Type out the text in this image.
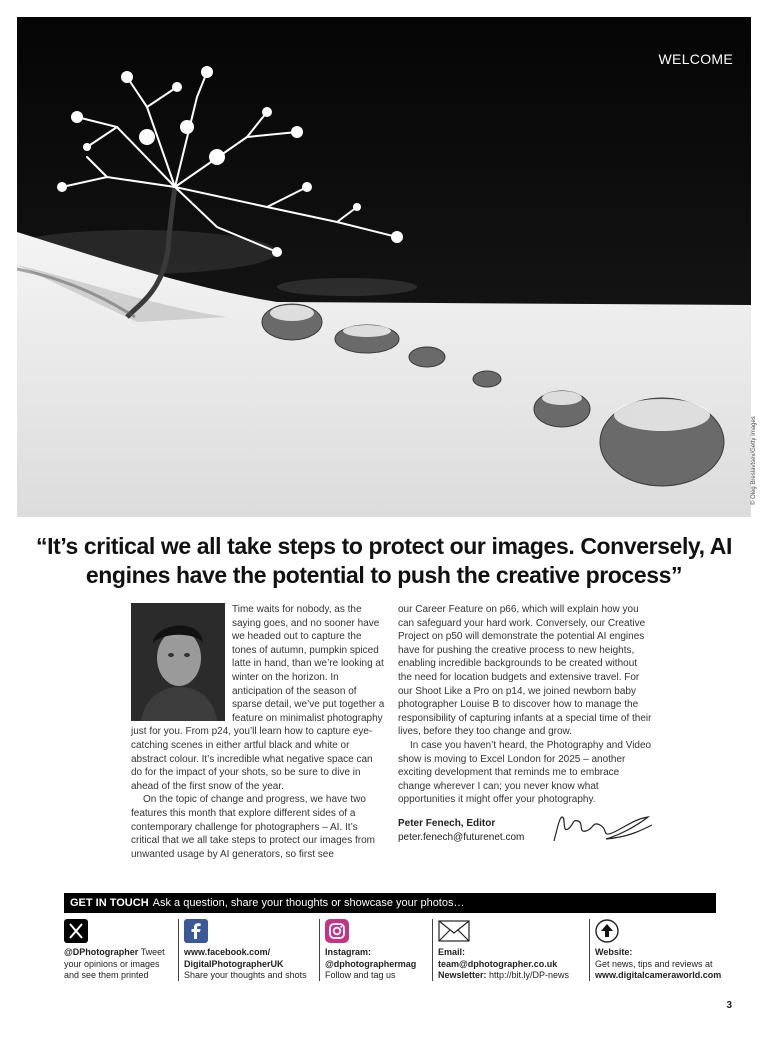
WELCOME
© Oleg Breslavtsev/Getty Images
“It’s critical we all take steps to protect our images. Conversely, AI engines have the potential to push the creative process”

Time waits for nobody, as the saying goes, and no sooner have we headed out to capture the tones of autumn, pumpkin spiced latte in hand, than we’re looking at winter on the horizon. In anticipation of the season of sparse detail, we’ve put together a feature on minimalist photography just for you. From p24, you’ll learn how to capture eye-catching scenes in either artful black and white or abstract colour. It’s incredible what negative space can do for the impact of your shots, so be sure to dive in ahead of the first snow of the year.

On the topic of change and progress, we have two features this month that explore different sides of a contemporary challenge for photographers – AI. It’s critical that we all take steps to protect our images from unwanted usage by AI generators, so first see

our Career Feature on p66, which will explain how you can safeguard your hard work. Conversely, our Creative Project on p50 will demonstrate the potential AI engines have for pushing the creative process to new heights, enabling incredible backgrounds to be created without the need for location budgets and extensive travel. For our Shoot Like a Pro on p14, we joined newborn baby photographer Louise B to discover how to manage the responsibility of capturing infants at a special time of their lives, before they too change and grow.

In case you haven’t heard, the Photography and Video show is moving to Excel London for 2025 – another exciting development that reminds me to embrace change wherever I can; you never know what opportunities it might offer your photography.

Peter Fenech, Editor
peter.fenech@futurenet.com
GET IN TOUCH Ask a question, share your thoughts or showcase your photos…
@DPhotographer Tweet your opinions or images and see them printed
www.facebook.com/
DigitalPhotographerUK
Share your thoughts and shots
Instagram:
@dphotographermag
Follow and tag us
Email:
team@dphotographer.co.uk
Newsletter: http://bit.ly/DP-news
Website:
Get news, tips and reviews at
www.digitalcameraworld.com
3
